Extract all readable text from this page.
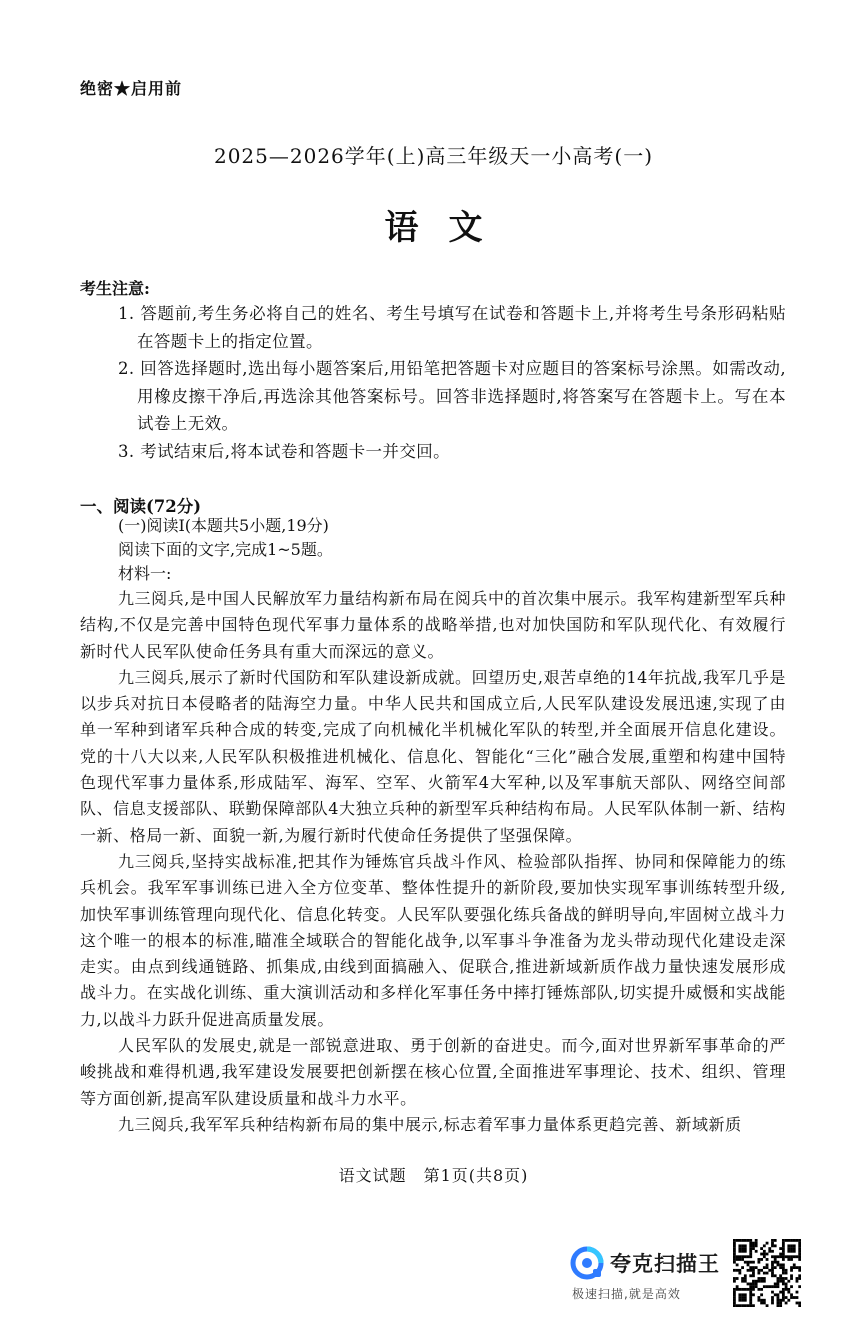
绝密★启用前
2025—2026学年(上)高三年级天一小高考(一)
语文
考生注意:
1. 答题前,考生务必将自己的姓名、考生号填写在试卷和答题卡上,并将考生号条形码粘贴在答题卡上的指定位置。
2. 回答选择题时,选出每小题答案后,用铅笔把答题卡对应题目的答案标号涂黑。如需改动,用橡皮擦干净后,再选涂其他答案标号。回答非选择题时,将答案写在答题卡上。写在本试卷上无效。
3. 考试结束后,将本试卷和答题卡一并交回。
一、阅读(72分)

(一)阅读Ⅰ(本题共5小题,19分)

阅读下面的文字,完成1~5题。

材料一:

九三阅兵,是中国人民解放军力量结构新布局在阅兵中的首次集中展示。我军构建新型军兵种结构,不仅是完善中国特色现代军事力量体系的战略举措,也对加快国防和军队现代化、有效履行新时代人民军队使命任务具有重大而深远的意义。

九三阅兵,展示了新时代国防和军队建设新成就。回望历史,艰苦卓绝的14年抗战,我军几乎是以步兵对抗日本侵略者的陆海空力量。中华人民共和国成立后,人民军队建设发展迅速,实现了由单一军种到诸军兵种合成的转变,完成了向机械化半机械化军队的转型,并全面展开信息化建设。党的十八大以来,人民军队积极推进机械化、信息化、智能化“三化”融合发展,重塑和构建中国特色现代军事力量体系,形成陆军、海军、空军、火箭军4大军种,以及军事航天部队、网络空间部队、信息支援部队、联勤保障部队4大独立兵种的新型军兵种结构布局。人民军队体制一新、结构一新、格局一新、面貌一新,为履行新时代使命任务提供了坚强保障。

九三阅兵,坚持实战标准,把其作为锤炼官兵战斗作风、检验部队指挥、协同和保障能力的练兵机会。我军军事训练已进入全方位变革、整体性提升的新阶段,要加快实现军事训练转型升级,加快军事训练管理向现代化、信息化转变。人民军队要强化练兵备战的鲜明导向,牢固树立战斗力这个唯一的根本的标准,瞄准全域联合的智能化战争,以军事斗争准备为龙头带动现代化建设走深走实。由点到线通链路、抓集成,由线到面搞融入、促联合,推进新域新质作战力量快速发展形成战斗力。在实战化训练、重大演训活动和多样化军事任务中摔打锤炼部队,切实提升威慑和实战能力,以战斗力跃升促进高质量发展。

人民军队的发展史,就是一部锐意进取、勇于创新的奋进史。而今,面对世界新军事革命的严峻挑战和难得机遇,我军建设发展要把创新摆在核心位置,全面推进军事理论、技术、组织、管理等方面创新,提高军队建设质量和战斗力水平。

九三阅兵,我军军兵种结构新布局的集中展示,标志着军事力量体系更趋完善、新域新质

语文试题　第1页(共8页)
夸克扫描王
极速扫描,就是高效
